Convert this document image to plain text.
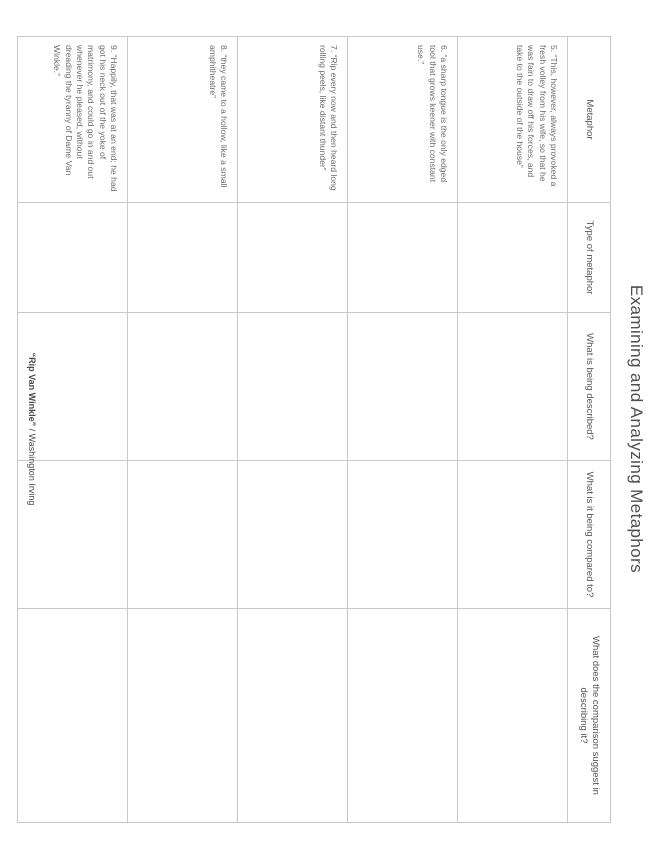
Examining and Analyzing Metaphors
Metaphor	Type of metaphor	What is being described?	What is it being compared to?	What does the comparison suggest in describing it?
5. “This, however, always provoked a fresh volley from his wife, so that he was fain to draw off his forces, and take to the outside of the house”				
6. “a sharp tongue is the only edged tool that grows keener with constant use.”				
7. “Rip every now and then heard long rolling peels, like distant thunder”				
8. “they came to a hollow, like a small amphitheatre”				
9. “Happily, that was at an end; he had got his neck out of the yoke of matrimony, and could go in and out whenever he pleased, without dreading the tyranny of Dame Van Winkle.”				
“Rip Van Winkle” / Washington Irving
